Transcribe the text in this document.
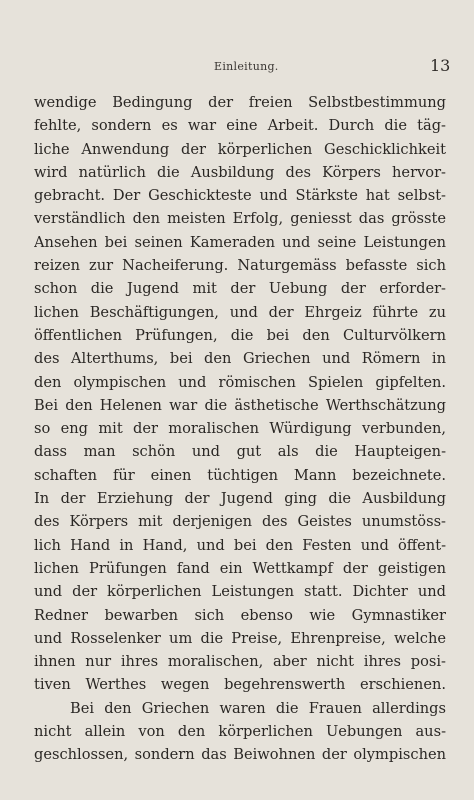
Einleitung.	13
wendige Bedingung der freien Selbstbestimmung
fehlte, sondern es war eine Arbeit. Durch die täg-
liche Anwendung der körperlichen Geschicklichkeit
wird natürlich die Ausbildung des Körpers hervor-
gebracht. Der Geschickteste und Stärkste hat selbst-
verständlich den meisten Erfolg, geniesst das grösste
Ansehen bei seinen Kameraden und seine Leistungen
reizen zur Nacheiferung. Naturgemäss befasste sich
schon die Jugend mit der Uebung der erforder-
lichen Beschäftigungen, und der Ehrgeiz führte zu
öffentlichen Prüfungen, die bei den Culturvölkern
des Alterthums, bei den Griechen und Römern in
den olympischen und römischen Spielen gipfelten.
Bei den Helenen war die ästhetische Werthschätzung
so eng mit der moralischen Würdigung verbunden,
dass man schön und gut als die Haupteigen-
schaften für einen tüchtigen Mann bezeichnete.
In der Erziehung der Jugend ging die Ausbildung
des Körpers mit derjenigen des Geistes unumstöss-
lich Hand in Hand, und bei den Festen und öffent-
lichen Prüfungen fand ein Wettkampf der geistigen
und der körperlichen Leistungen statt. Dichter und
Redner bewarben sich ebenso wie Gymnastiker
und Rosselenker um die Preise, Ehrenpreise, welche
ihnen nur ihres moralischen, aber nicht ihres posi-
tiven Werthes wegen begehrenswerth erschienen.
Bei den Griechen waren die Frauen allerdings
nicht allein von den körperlichen Uebungen aus-
geschlossen, sondern das Beiwohnen der olympischen
